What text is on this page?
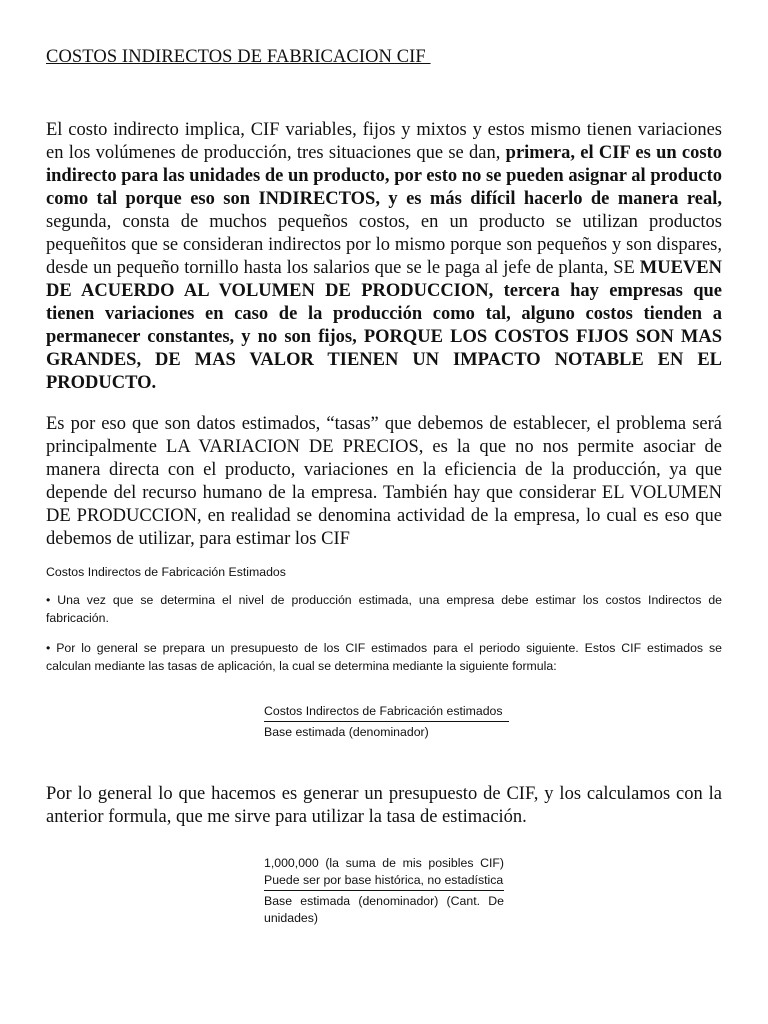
COSTOS INDIRECTOS DE FABRICACION CIF
El costo indirecto implica, CIF variables, fijos y mixtos y estos mismo tienen variaciones en los volúmenes de producción, tres situaciones que se dan, primera, el CIF es un costo indirecto para las unidades de un producto, por esto no se pueden asignar al producto como tal porque eso son INDIRECTOS, y es más difícil hacerlo de manera real, segunda, consta de muchos pequeños costos, en un producto se utilizan productos pequeñitos que se consideran indirectos por lo mismo porque son pequeños y son dispares, desde un pequeño tornillo hasta los salarios que se le paga al jefe de planta, SE MUEVEN DE ACUERDO AL VOLUMEN DE PRODUCCION, tercera hay empresas que tienen variaciones en caso de la producción como tal, alguno costos tienden a permanecer constantes, y no son fijos, PORQUE LOS COSTOS FIJOS SON MAS GRANDES, DE MAS VALOR TIENEN UN IMPACTO NOTABLE EN EL PRODUCTO.
Es por eso que son datos estimados, “tasas” que debemos de establecer, el problema será principalmente LA VARIACION DE PRECIOS, es la que no nos permite asociar de manera directa con el producto, variaciones en la eficiencia de la producción, ya que depende del recurso humano de la empresa. También hay que considerar EL VOLUMEN DE PRODUCCION, en realidad se denomina actividad de la empresa, lo cual es eso que debemos de utilizar, para estimar los CIF
Costos Indirectos de Fabricación Estimados
• Una vez que se determina el nivel de producción estimada, una empresa debe estimar los costos Indirectos de fabricación.
• Por lo general se prepara un presupuesto de los CIF estimados para el periodo siguiente. Estos CIF estimados se calculan mediante las tasas de aplicación, la cual se determina mediante la siguiente formula:
Costos Indirectos de Fabricación estimados
Base estimada (denominador)
Por lo general lo que hacemos es generar un presupuesto de CIF, y los calculamos con la anterior formula, que me sirve para utilizar la tasa de estimación.
1,000,000 (la suma de mis posibles CIF) Puede ser por base histórica, no estadística
Base estimada (denominador) (Cant. De unidades)
